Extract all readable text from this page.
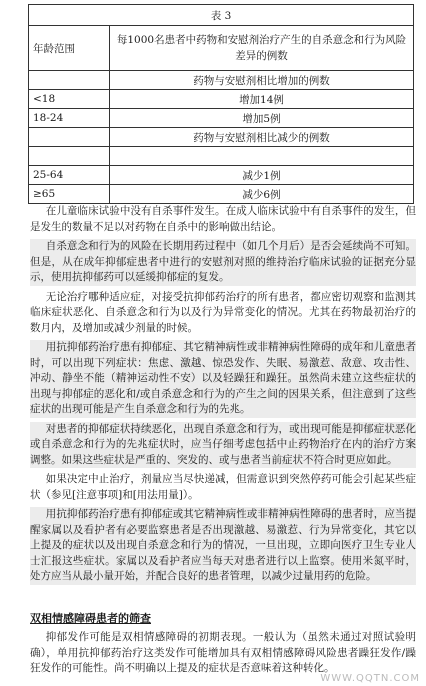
表 3	
年龄范围	每1000名患者中药物和安慰剂治疗产生的自杀意念和行为风险差异的例数
	药物与安慰剂相比增加的例数
<18	增加14例
18-24	增加5例
	药物与安慰剂相比减少的例数

25-64	减少1例
≥65	减少6例

在儿童临床试验中没有自杀事件发生。在成人临床试验中有自杀事件的发生，但是发生的数量不足以对药物在自杀中的影响做出结论。

自杀意念和行为的风险在长期用药过程中（如几个月后）是否会延续尚不可知。但是，从在成年抑郁症患者中进行的安慰剂对照的维持治疗临床试验的证据充分显示，使用抗抑郁药可以延缓抑郁症的复发。

无论治疗哪种适应症，对接受抗抑郁药治疗的所有患者，都应密切观察和监测其临床症状恶化、自杀意念和行为以及行为异常变化的情况。尤其在药物最初治疗的数月内，及增加或减少剂量的时候。

用抗抑郁药治疗患有抑郁症、其它精神病性或非精神病性障碍的成年和儿童患者时，可以出现下列症状：焦虑、激越、惊恐发作、失眠、易激惹、敌意、攻击性、冲动、静坐不能（精神运动性不安）以及轻躁狂和躁狂。虽然尚未建立这些症状的出现与抑郁症的恶化和/或自杀意念和行为的产生之间的因果关系，但注意到了这些症状的出现可能是产生自杀意念和行为的先兆。

对患者的抑郁症状持续恶化，出现自杀意念和行为，或出现可能是抑郁症状恶化或自杀意念和行为的先兆症状时，应当仔细考虑包括中止药物治疗在内的治疗方案调整。如果这些症状是严重的、突发的、或与患者当前症状不符合时更应如此。

如果决定中止治疗，剂量应当尽快递减，但需意识到突然停药可能会引起某些症状（参见[注意事项]和[用法用量]）。

用抗抑郁药治疗患有抑郁症或其它精神病性或非精神病性障碍的患者时，应当提醒家属以及看护者有必要监察患者是否出现激越、易激惹、行为异常变化，其它以上提及的症状以及出现自杀意念和行为的情况，一旦出现，立即向医疗卫生专业人士汇报这些症状。家属以及看护者应当每天对患者进行以上监察。使用米氮平时，处方应当从最小量开始，并配合良好的患者管理，以减少过量用药的危险。

双相情感障碍患者的筛查

抑郁发作可能是双相情感障碍的初期表现。一般认为（虽然未通过对照试验明确），单用抗抑郁药治疗这类发作可能增加具有双相情感障碍风险患者躁狂发作/躁狂发作的可能性。尚不明确以上提及的症状是否意味着这种转化。

WWW.QQTN.COM
